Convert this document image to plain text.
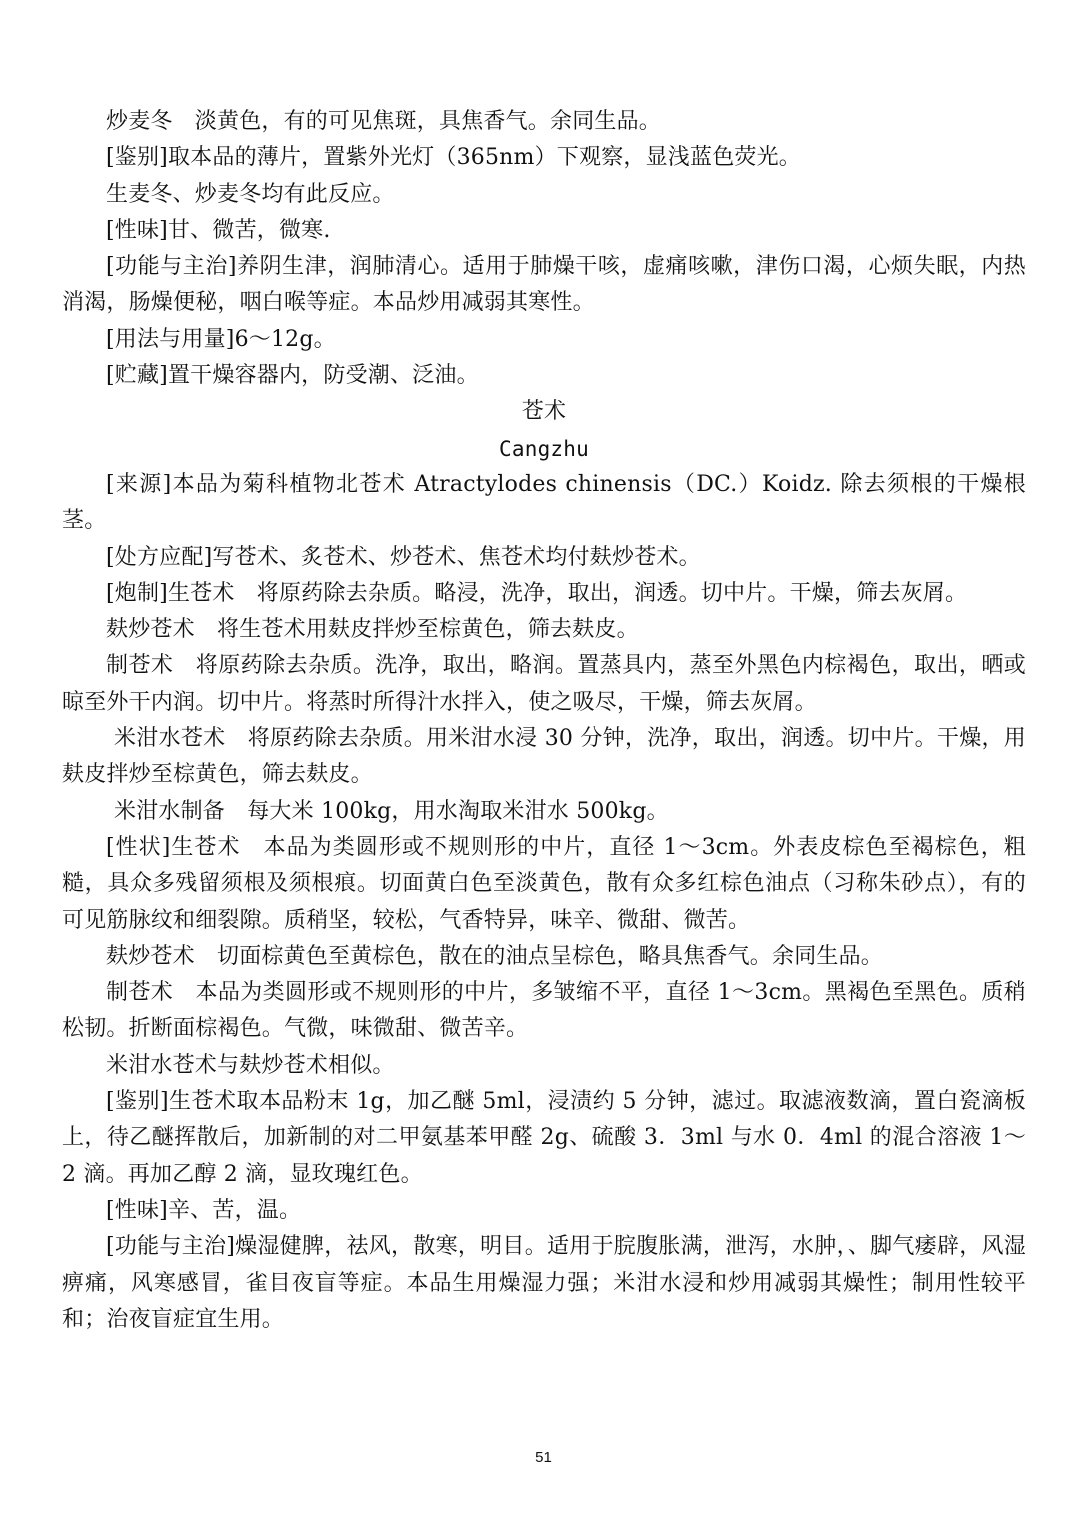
炒麦冬　淡黄色，有的可见焦斑，具焦香气。余同生品。

[鉴别]取本品的薄片，置紫外光灯（365nm）下观察，显浅蓝色荧光。

生麦冬、炒麦冬均有此反应。

[性味]甘、微苦，微寒.

[功能与主治]养阴生津，润肺清心。适用于肺燥干咳，虚痛咳嗽，津伤口渴，心烦失眠，内热消渴，肠燥便秘，咽白喉等症。本品炒用减弱其寒性。

[用法与用量]6～12g。

[贮藏]置干燥容器内，防受潮、泛油。

苍术

Cangzhu

[来源]本品为菊科植物北苍术 Atractylodes chinensis（DC.）Koidz. 除去须根的干燥根茎。

[处方应配]写苍术、炙苍术、炒苍术、焦苍术均付麸炒苍术。

[炮制]生苍术　将原药除去杂质。略浸，洗净，取出，润透。切中片。干燥，筛去灰屑。

麸炒苍术　将生苍术用麸皮拌炒至棕黄色，筛去麸皮。

制苍术　将原药除去杂质。洗净，取出，略润。置蒸具内，蒸至外黑色内棕褐色，取出，晒或晾至外干内润。切中片。将蒸时所得汁水拌入，使之吸尽，干燥，筛去灰屑。

米泔水苍术　将原药除去杂质。用米泔水浸 30 分钟，洗净，取出，润透。切中片。干燥，用麸皮拌炒至棕黄色，筛去麸皮。

米泔水制备　每大米 100kg，用水淘取米泔水 500kg。

[性状]生苍术　本品为类圆形或不规则形的中片，直径 1～3cm。外表皮棕色至褐棕色，粗糙，具众多残留须根及须根痕。切面黄白色至淡黄色，散有众多红棕色油点（习称朱砂点），有的可见筋脉纹和细裂隙。质稍坚，较松，气香特异，味辛、微甜、微苦。

麸炒苍术　切面棕黄色至黄棕色，散在的油点呈棕色，略具焦香气。余同生品。

制苍术　本品为类圆形或不规则形的中片，多皱缩不平，直径 1～3cm。黑褐色至黑色。质稍松韧。折断面棕褐色。气微，味微甜、微苦辛。

米泔水苍术与麸炒苍术相似。

[鉴别]生苍术取本品粉末 1g，加乙醚 5ml，浸渍约 5 分钟，滤过。取滤液数滴，置白瓷滴板上，待乙醚挥散后，加新制的对二甲氨基苯甲醛 2g、硫酸 3．3ml 与水 0．4ml 的混合溶液 1～2 滴。再加乙醇 2 滴，显玫瑰红色。

[性味]辛、苦，温。

[功能与主治]燥湿健脾，祛风，散寒，明目。适用于脘腹胀满，泄泻，水肿，、脚气痿辟，风湿痹痛，风寒感冒，雀目夜盲等症。本品生用燥湿力强；米泔水浸和炒用减弱其燥性；制用性较平和；治夜盲症宜生用。

51
